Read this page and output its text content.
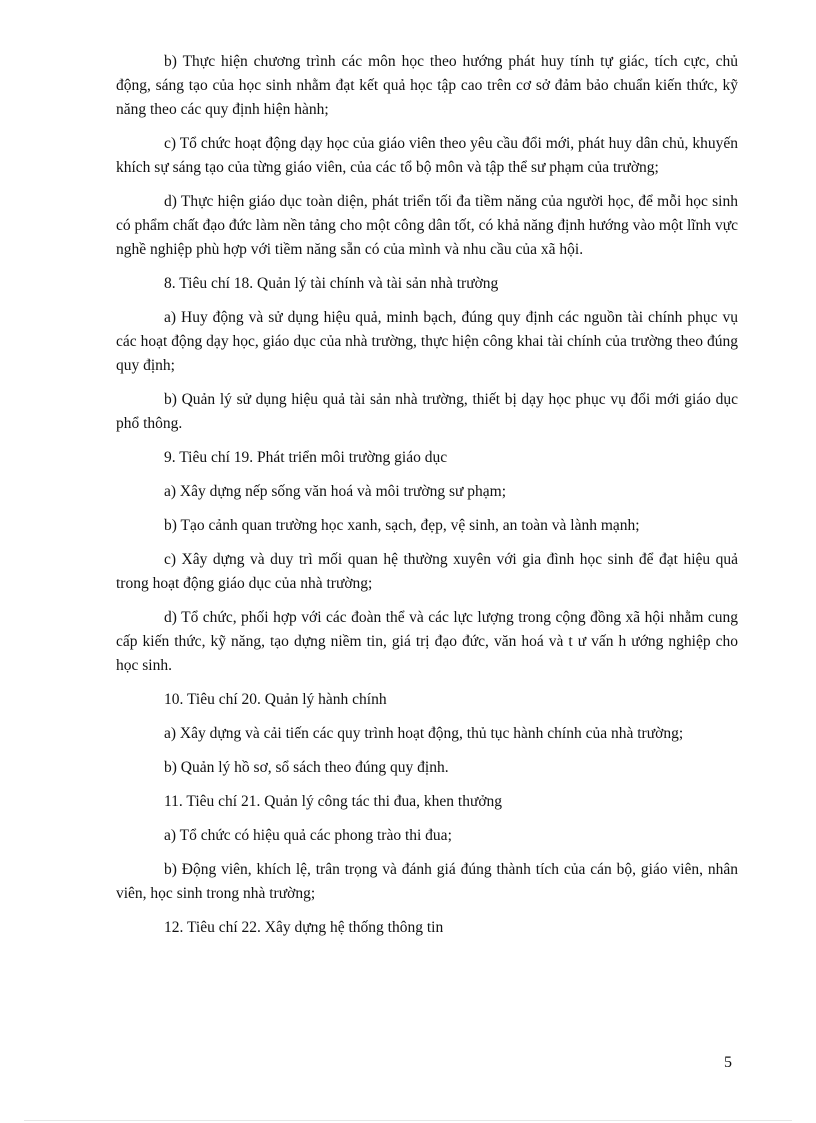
b) Thực hiện chương trình các môn học theo hướng phát huy tính tự giác, tích cực, chủ động, sáng tạo của học sinh nhằm đạt kết quả học tập cao trên cơ sở đảm bảo chuẩn kiến thức, kỹ năng theo các quy định hiện hành;

c) Tổ chức hoạt động dạy học của giáo viên theo yêu cầu đổi mới, phát huy dân chủ, khuyến khích sự sáng tạo của từng giáo viên, của các tổ bộ môn và tập thể sư phạm của trường;

d) Thực hiện giáo dục toàn diện, phát triển tối đa tiềm năng của người học, để mỗi học sinh có phẩm chất đạo đức làm nền tảng cho một công dân tốt, có khả năng định hướng vào một lĩnh vực nghề nghiệp phù hợp với tiềm năng sẵn có của mình và nhu cầu của xã hội.

8. Tiêu chí 18. Quản lý tài chính và tài sản nhà trường

a) Huy động và sử dụng hiệu quả, minh bạch, đúng quy định các nguồn tài chính phục vụ các hoạt động dạy học, giáo dục của nhà trường, thực hiện công khai tài chính của trường theo đúng quy định;

b) Quản lý sử dụng hiệu quả tài sản nhà trường, thiết bị dạy học phục vụ đổi mới giáo dục phổ thông.

9. Tiêu chí 19. Phát triển môi trường giáo dục

a) Xây dựng nếp sống văn hoá và môi trường sư phạm;

b) Tạo cảnh quan trường học xanh, sạch, đẹp, vệ sinh, an toàn và lành mạnh;

c) Xây dựng và duy trì mối quan hệ thường xuyên với gia đình học sinh để đạt hiệu quả trong hoạt động giáo dục của nhà trường;

d) Tổ chức, phối hợp với các đoàn thể và các lực lượng trong cộng đồng xã hội nhằm cung cấp kiến thức, kỹ năng, tạo dựng niềm tin, giá trị đạo đức, văn hoá và t ư vấn h ướng nghiệp cho học sinh.

10. Tiêu chí 20. Quản lý hành chính

a) Xây dựng và cải tiến các quy trình hoạt động, thủ tục hành chính của nhà trường;

b) Quản lý hồ sơ, sổ sách theo đúng quy định.

11. Tiêu chí 21. Quản lý công tác thi đua, khen thưởng

a) Tổ chức có hiệu quả các phong trào thi đua;

b) Động viên, khích lệ, trân trọng và đánh giá đúng thành tích của cán bộ, giáo viên, nhân viên, học sinh trong nhà trường;

12. Tiêu chí 22. Xây dựng hệ thống thông tin

5
